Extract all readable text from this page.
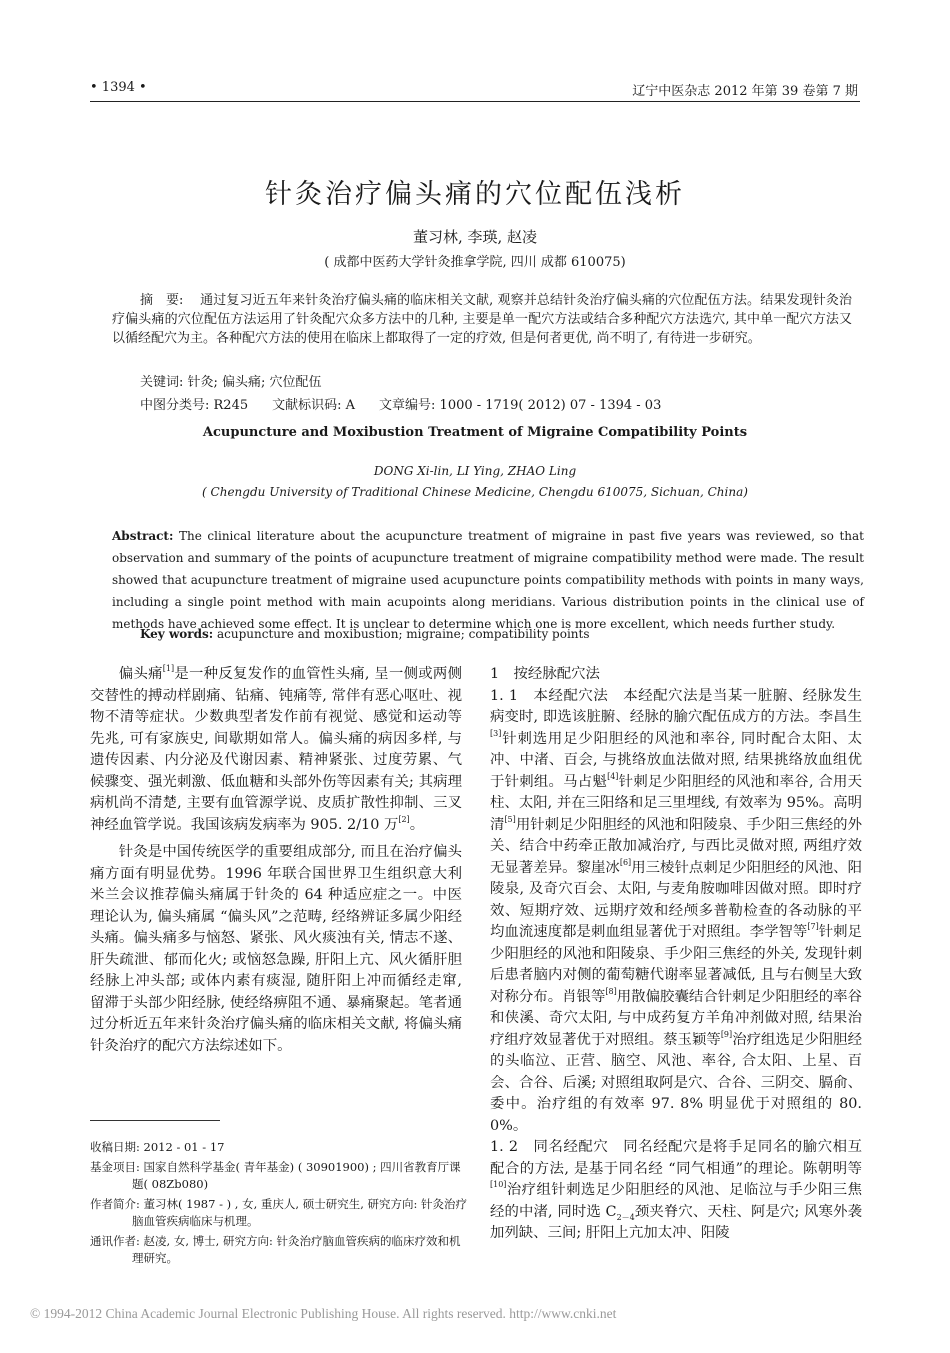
• 1394 •	辽宁中医杂志 2012 年第 39 卷第 7 期
针灸治疗偏头痛的穴位配伍浅析
董习林, 李瑛, 赵凌
( 成都中医药大学针灸推拿学院, 四川 成都 610075)
摘　要: 通过复习近五年来针灸治疗偏头痛的临床相关文献, 观察并总结针灸治疗偏头痛的穴位配伍方法。结果发现针灸治疗偏头痛的穴位配伍方法运用了针灸配穴众多方法中的几种, 主要是单一配穴方法或结合多种配穴方法选穴, 其中单一配穴方法又以循经配穴为主。各种配穴方法的使用在临床上都取得了一定的疗效, 但是何者更优, 尚不明了, 有待进一步研究。
关键词: 针灸; 偏头痛; 穴位配伍
中图分类号: R245 文献标识码: A 文章编号: 1000 - 1719( 2012) 07 - 1394 - 03
Acupuncture and Moxibustion Treatment of Migraine Compatibility Points
DONG Xi-lin, LI Ying, ZHAO Ling
( Chengdu University of Traditional Chinese Medicine, Chengdu 610075, Sichuan, China)
Abstract: The clinical literature about the acupuncture treatment of migraine in past five years was reviewed, so that observation and summary of the points of acupuncture treatment of migraine compatibility method were made. The result showed that acupuncture treatment of migraine used acupuncture points compatibility methods with points in many ways, including a single point method with main acupoints along meridians. Various distribution points in the clinical use of methods have achieved some effect. It is unclear to determine which one is more excellent, which needs further study.
Key words: acupuncture and moxibustion; migraine; compatibility points

偏头痛[1]是一种反复发作的血管性头痛, 呈一侧或两侧交替性的搏动样剧痛、钻痛、钝痛等, 常伴有恶心呕吐、视物不清等症状。少数典型者发作前有视觉、感觉和运动等先兆, 可有家族史, 间歇期如常人。偏头痛的病因多样, 与遗传因素、内分泌及代谢因素、精神紧张、过度劳累、气候骤变、强光刺激、低血糖和头部外伤等因素有关; 其病理病机尚不清楚, 主要有血管源学说、皮质扩散性抑制、三叉神经血管学说。我国该病发病率为 905. 2/10 万[2]。

针灸是中国传统医学的重要组成部分, 而且在治疗偏头痛方面有明显优势。1996 年联合国世界卫生组织意大利米兰会议推荐偏头痛属于针灸的 64 种适应症之一。中医理论认为, 偏头痛属 “偏头风”之范畴, 经络辨证多属少阳经头痛。偏头痛多与恼怒、紧张、风火痰浊有关, 情志不遂、肝失疏泄、郁而化火; 或恼怒急躁, 肝阳上亢、风火循肝胆经脉上冲头部; 或体内素有痰湿, 随肝阳上冲而循经走窜, 留滞于头部少阳经脉, 使经络痹阻不通、暴痛聚起。笔者通过分析近五年来针灸治疗偏头痛的临床相关文献, 将偏头痛针灸治疗的配穴方法综述如下。

1　按经脉配穴法

1. 1　本经配穴法　本经配穴法是当某一脏腑、经脉发生病变时, 即选该脏腑、经脉的腧穴配伍成方的方法。李昌生[3]针刺选用足少阳胆经的风池和率谷, 同时配合太阳、太冲、中渚、百会, 与挑络放血法做对照, 结果挑络放血组优于针刺组。马占魁[4]针刺足少阳胆经的风池和率谷, 合用天柱、太阳, 并在三阳络和足三里埋线, 有效率为 95%。高明清[5]用针刺足少阳胆经的风池和阳陵泉、手少阳三焦经的外关、结合中药牵正散加减治疗, 与西比灵做对照, 两组疗效无显著差异。黎崖冰[6]用三棱针点刺足少阳胆经的风池、阳陵泉, 及奇穴百会、太阳, 与麦角胺咖啡因做对照。即时疗效、短期疗效、远期疗效和经颅多普勒检查的各动脉的平均血流速度都是刺血组显著优于对照组。李学智等[7]针刺足少阳胆经的风池和阳陵泉、手少阳三焦经的外关, 发现针刺后患者脑内对侧的葡萄糖代谢率显著减低, 且与右侧呈大致对称分布。肖银等[8]用散偏胶囊结合针刺足少阳胆经的率谷和侠溪、奇穴太阳, 与中成药复方羊角冲剂做对照, 结果治疗组疗效显著优于对照组。蔡玉颖等[9]治疗组选足少阳胆经的头临泣、正营、脑空、风池、率谷, 合太阳、上星、百会、合谷、后溪; 对照组取阿是穴、合谷、三阴交、膈俞、委中。治疗组的有效率 97. 8% 明显优于对照组的 80. 0%。

1. 2　同名经配穴　同名经配穴是将手足同名的腧穴相互配合的方法, 是基于同名经 “同气相通”的理论。陈朝明等[10]治疗组针刺选足少阳胆经的风池、足临泣与手少阳三焦经的中渚, 同时选 $C_{2-4}$颈夹脊穴、天柱、阿是穴; 风寒外袭加列缺、三间; 肝阳上亢加太冲、阳陵

收稿日期: 2012 - 01 - 17
基金项目: 国家自然科学基金( 青年基金) ( 30901900) ; 四川省教育厅课题( 08Zb080)
作者简介: 董习林( 1987 - ) , 女, 重庆人, 硕士研究生, 研究方向: 针灸治疗脑血管疾病临床与机理。
通讯作者: 赵凌, 女, 博士, 研究方向: 针灸治疗脑血管疾病的临床疗效和机理研究。
© 1994-2012 China Academic Journal Electronic Publishing House. All rights reserved. http://www.cnki.net
